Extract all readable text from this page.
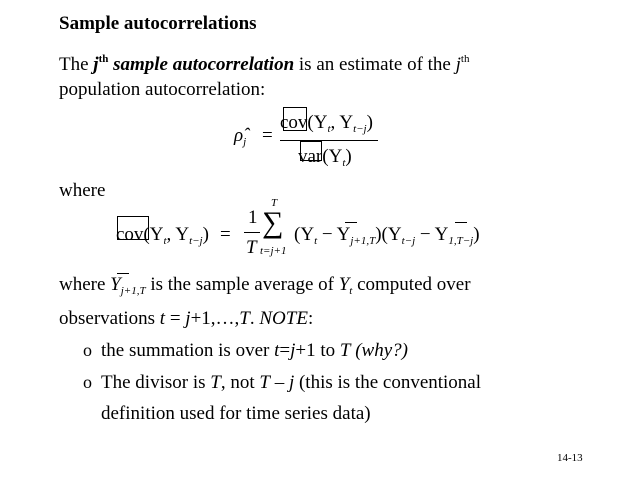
Sample autocorrelations
The $j^{th}$ sample autocorrelation is an estimate of the $j^{th}$
population autocorrelation:
$\rhô_j$ =
$cov(Y_t$, $Y_{t-j}$)
$var(Y_t)$
where
$cov(Y_t$, $Y_{t-j}$) =
1
T
T
∑
t=j+1
$(Y_t - Y_{j+1,T})(Y_{t-j} - Y_{1,T-j})$
where $Y_{j+1,T}$ is the sample average of $Y_t$ computed over
observations t = j+1,…,T. NOTE:
o the summation is over t=j+1 to T (why?)
o The divisor is T, not T – j (this is the conventional
definition used for time series data)
14-13
